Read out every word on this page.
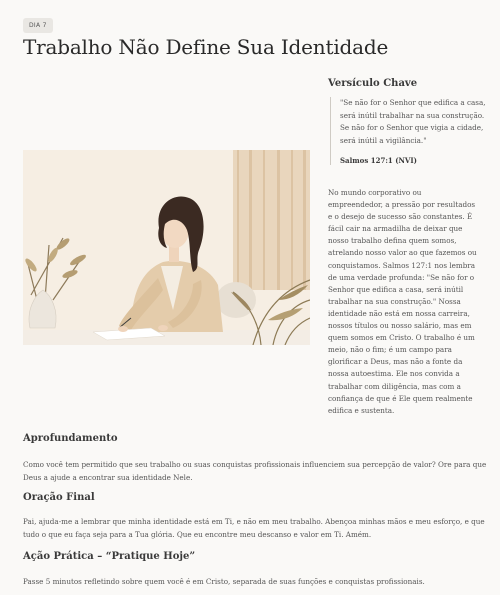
DIA 7
Trabalho Não Define Sua Identidade
Versículo Chave

"Se não for o Senhor que edifica a casa, será inútil trabalhar na sua construção. Se não for o Senhor que vigia a cidade, será inútil a vigilância."

Salmos 127:1 (NVI)

No mundo corporativo ou empreendedor, a pressão por resultados e o desejo de sucesso são constantes. É fácil cair na armadilha de deixar que nosso trabalho defina quem somos, atrelando nosso valor ao que fazemos ou conquistamos. Salmos 127:1 nos lembra de uma verdade profunda: "Se não for o Senhor que edifica a casa, será inútil trabalhar na sua construção." Nossa identidade não está em nossa carreira, nossos títulos ou nosso salário, mas em quem somos em Cristo. O trabalho é um meio, não o fim; é um campo para glorificar a Deus, mas não a fonte da nossa autoestima. Ele nos convida a trabalhar com diligência, mas com a confiança de que é Ele quem realmente edifica e sustenta.

Aprofundamento

Como você tem permitido que seu trabalho ou suas conquistas profissionais influenciem sua percepção de valor? Ore para que Deus a ajude a encontrar sua identidade Nele.

Oração Final

Pai, ajuda-me a lembrar que minha identidade está em Ti, e não em meu trabalho. Abençoa minhas mãos e meu esforço, e que tudo o que eu faça seja para a Tua glória. Que eu encontre meu descanso e valor em Ti. Amém.

Ação Prática – “Pratique Hoje”

Passe 5 minutos refletindo sobre quem você é em Cristo, separada de suas funções e conquistas profissionais.
